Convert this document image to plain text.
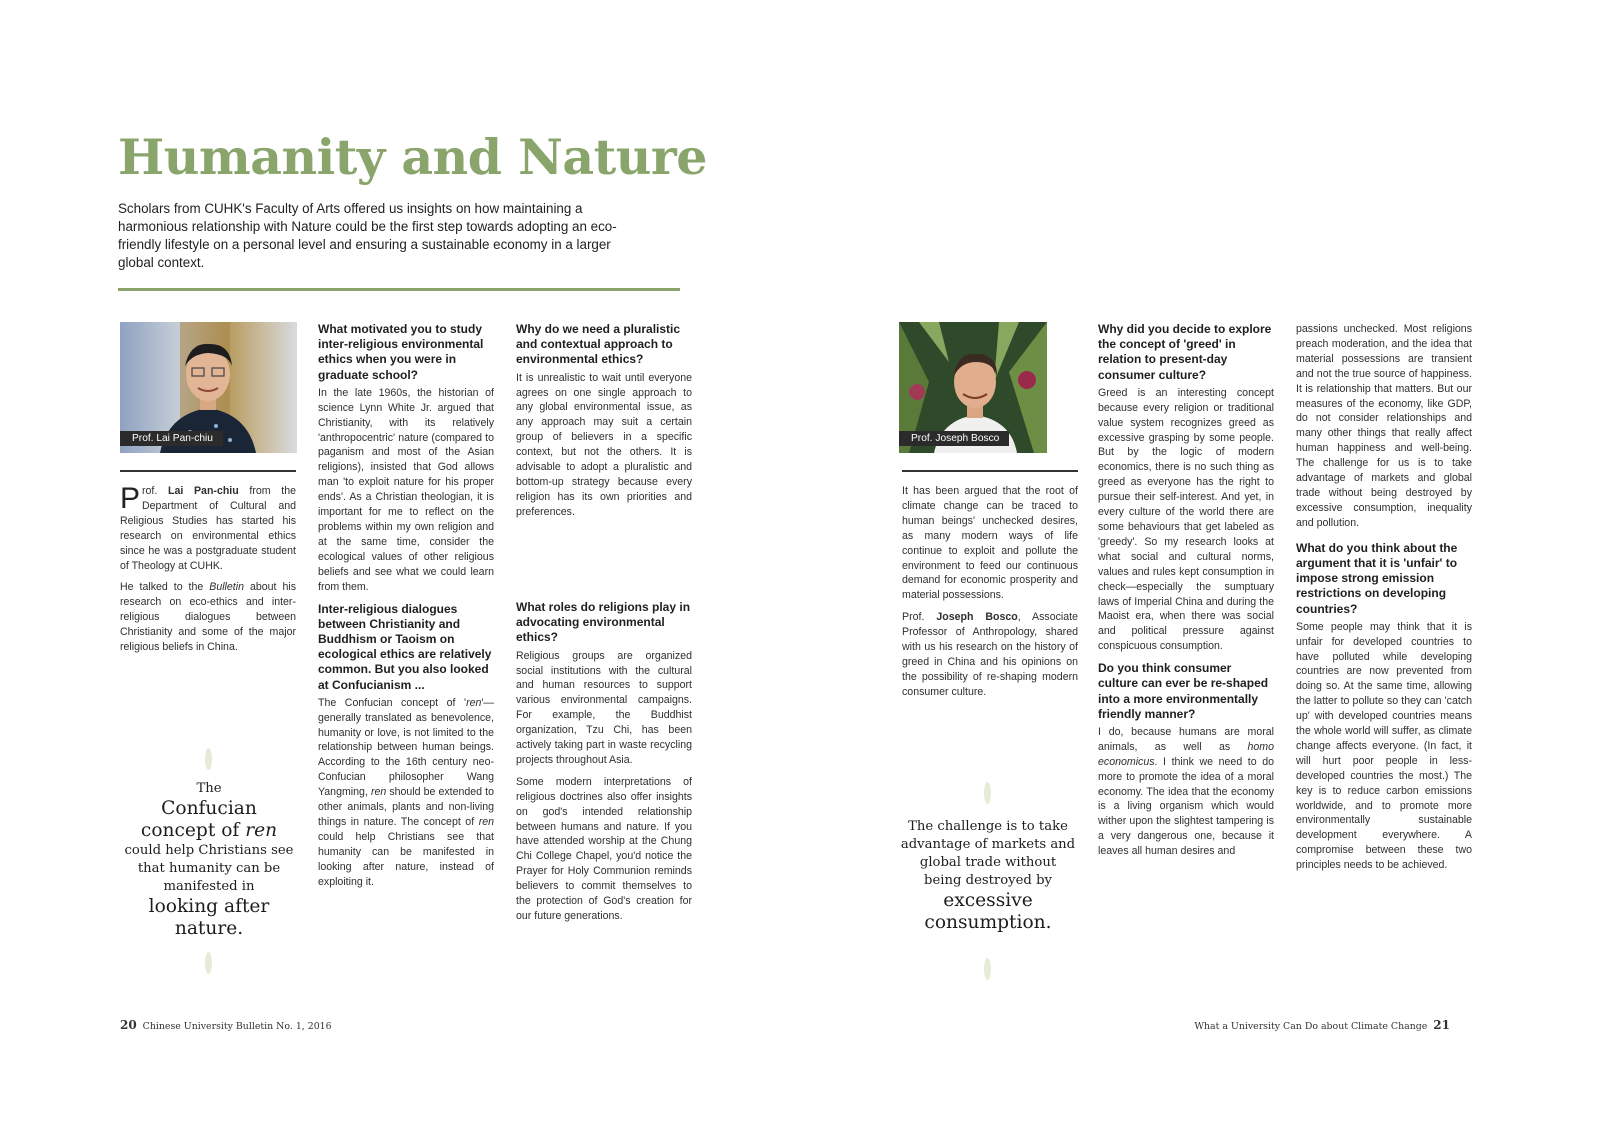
Humanity and Nature
Scholars from CUHK's Faculty of Arts offered us insights on how maintaining a harmonious relationship with Nature could be the first step towards adopting an eco-friendly lifestyle on a personal level and ensuring a sustainable economy in a larger global context.
Prof. Lai Pan-chiu

Prof. Lai Pan-chiu from the Department of Cultural and Religious Studies has started his research on environmental ethics since he was a postgraduate student of Theology at CUHK.

He talked to the Bulletin about his research on eco-ethics and inter-religious dialogues between Christianity and some of the major religious beliefs in China.

The
Confucian
concept of ren
could help Christians see
that humanity can be
manifested in
looking after
nature.
What motivated you to study inter-religious environmental ethics when you were in graduate school?

In the late 1960s, the historian of science Lynn White Jr. argued that Christianity, with its relatively 'anthropocentric' nature (compared to paganism and most of the Asian religions), insisted that God allows man 'to exploit nature for his proper ends'. As a Christian theologian, it is important for me to reflect on the problems within my own religion and at the same time, consider the ecological values of other religious beliefs and see what we could learn from them.

Inter-religious dialogues between Christianity and Buddhism or Taoism on ecological ethics are relatively common. But you also looked at Confucianism ...

The Confucian concept of 'ren'—generally translated as benevolence, humanity or love, is not limited to the relationship between human beings. According to the 16th century neo-Confucian philosopher Wang Yangming, ren should be extended to other animals, plants and non-living things in nature. The concept of ren could help Christians see that humanity can be manifested in looking after nature, instead of exploiting it.

Why do we need a pluralistic and contextual approach to environmental ethics?

It is unrealistic to wait until everyone agrees on one single approach to any global environmental issue, as any approach may suit a certain group of believers in a specific context, but not the others. It is advisable to adopt a pluralistic and bottom-up strategy because every religion has its own priorities and preferences.

What roles do religions play in advocating environmental ethics?

Religious groups are organized social institutions with the cultural and human resources to support various environmental campaigns. For example, the Buddhist organization, Tzu Chi, has been actively taking part in waste recycling projects throughout Asia.

Some modern interpretations of religious doctrines also offer insights on god's intended relationship between humans and nature. If you have attended worship at the Chung Chi College Chapel, you'd notice the Prayer for Holy Communion reminds believers to commit themselves to the protection of God's creation for our future generations.

20 Chinese University Bulletin No. 1, 2016
Prof. Joseph Bosco

It has been argued that the root of climate change can be traced to human beings' unchecked desires, as many modern ways of life continue to exploit and pollute the environment to feed our continuous demand for economic prosperity and material possessions.

Prof. Joseph Bosco, Associate Professor of Anthropology, shared with us his research on the history of greed in China and his opinions on the possibility of re-shaping modern consumer culture.

The challenge is to take
advantage of markets and
global trade without
being destroyed by
excessive
consumption.
Why did you decide to explore the concept of 'greed' in relation to present-day consumer culture?

Greed is an interesting concept because every religion or traditional value system recognizes greed as excessive grasping by some people. But by the logic of modern economics, there is no such thing as greed as everyone has the right to pursue their self-interest. And yet, in every culture of the world there are some behaviours that get labeled as 'greedy'. So my research looks at what social and cultural norms, values and rules kept consumption in check—especially the sumptuary laws of Imperial China and during the Maoist era, when there was social and political pressure against conspicuous consumption.

Do you think consumer culture can ever be re-shaped into a more environmentally friendly manner?

I do, because humans are moral animals, as well as homo economicus. I think we need to do more to promote the idea of a moral economy. The idea that the economy is a living organism which would wither upon the slightest tampering is a very dangerous one, because it leaves all human desires and

passions unchecked. Most religions preach moderation, and the idea that material possessions are transient and not the true source of happiness. It is relationship that matters. But our measures of the economy, like GDP, do not consider relationships and many other things that really affect human happiness and well-being. The challenge for us is to take advantage of markets and global trade without being destroyed by excessive consumption, inequality and pollution.

What do you think about the argument that it is 'unfair' to impose strong emission restrictions on developing countries?

Some people may think that it is unfair for developed countries to have polluted while developing countries are now prevented from doing so. At the same time, allowing the latter to pollute so they can 'catch up' with developed countries means the whole world will suffer, as climate change affects everyone. (In fact, it will hurt poor people in less-developed countries the most.) The key is to reduce carbon emissions worldwide, and to promote more environmentally sustainable development everywhere. A compromise between these two principles needs to be achieved.

What a University Can Do about Climate Change 21
